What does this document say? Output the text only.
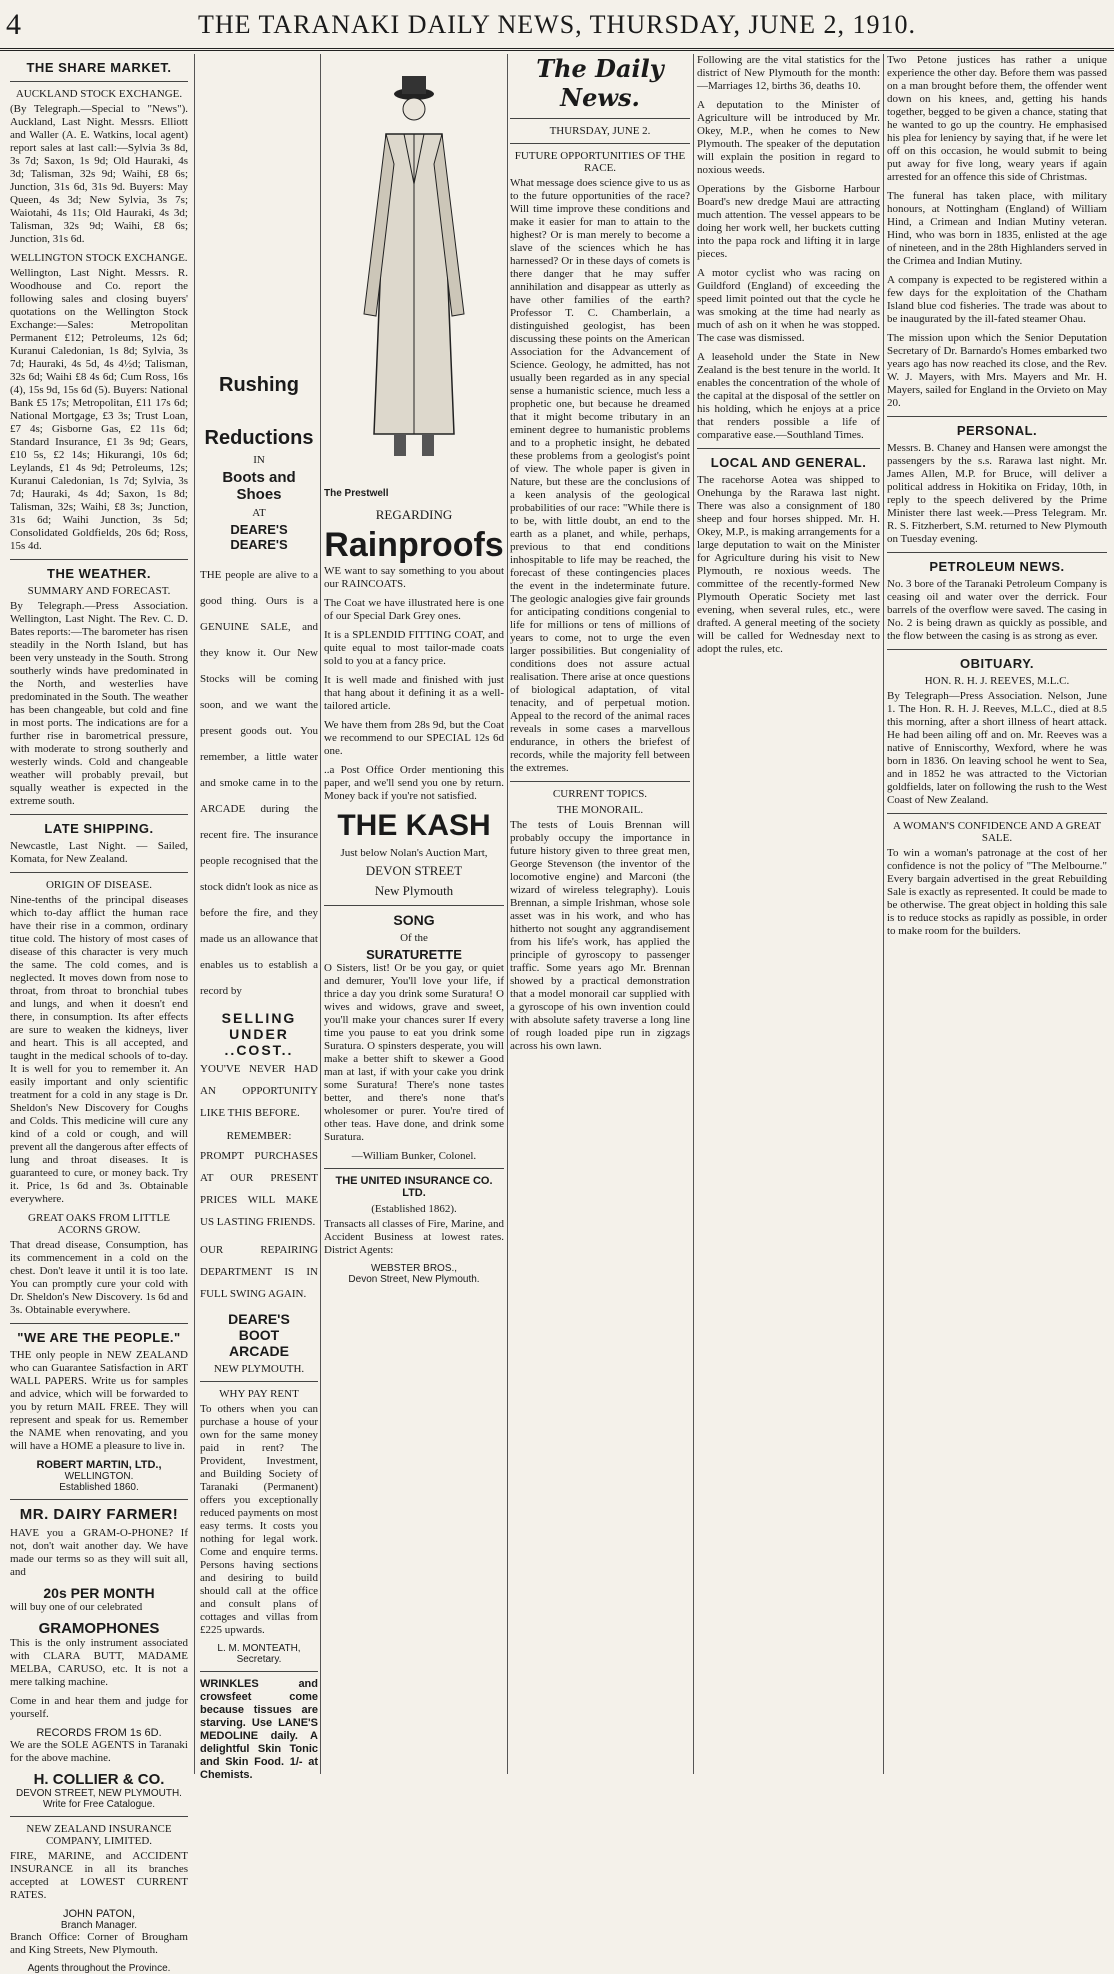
4	THE TARANAKI DAILY NEWS, THURSDAY, JUNE 2, 1910.
THE SHARE MARKET.
AUCKLAND STOCK EXCHANGE.

(By Telegraph.—Special to "News"). Auckland, Last Night. Messrs. Elliott and Waller (A. E. Watkins, local agent) report sales at last call:—Sylvia 3s 8d, 3s 7d; Saxon, 1s 9d; Old Hauraki, 4s 3d; Talisman, 32s 9d; Waihi, £8 6s; Junction, 31s 6d, 31s 9d. Buyers: May Queen, 4s 3d; New Sylvia, 3s 7s; Waiotahi, 4s 11s; Old Hauraki, 4s 3d; Talisman, 32s 9d; Waihi, £8 6s; Junction, 31s 6d.

WELLINGTON STOCK EXCHANGE.

Wellington, Last Night. Messrs. R. Woodhouse and Co. report the following sales and closing buyers' quotations on the Wellington Stock Exchange:—Sales: Metropolitan Permanent £12; Petroleums, 12s 6d; Kuranui Caledonian, 1s 8d; Sylvia, 3s 7d; Hauraki, 4s 5d, 4s 4½d; Talisman, 32s 6d; Waihi £8 4s 6d; Cum Ross, 16s (4), 15s 9d, 15s 6d (5). Buyers: National Bank £5 17s; Metropolitan, £11 17s 6d; National Mortgage, £3 3s; Trust Loan, £7 4s; Gisborne Gas, £2 11s 6d; Standard Insurance, £1 3s 9d; Gears, £10 5s, £2 14s; Hikurangi, 10s 6d; Leylands, £1 4s 9d; Petroleums, 12s; Kuranui Caledonian, 1s 7d; Sylvia, 3s 7d; Hauraki, 4s 4d; Saxon, 1s 8d; Talisman, 32s; Waihi, £8 3s; Junction, 31s 6d; Waihi Junction, 3s 5d; Consolidated Goldfields, 20s 6d; Ross, 15s 4d.

THE WEATHER.
SUMMARY AND FORECAST.

By Telegraph.—Press Association. Wellington, Last Night. The Rev. C. D. Bates reports:—The barometer has risen steadily in the North Island, but has been very unsteady in the South. Strong southerly winds have predominated in the North, and westerlies have predominated in the South. The weather has been changeable, but cold and fine in most ports. The indications are for a further rise in barometrical pressure, with moderate to strong southerly and westerly winds. Cold and changeable weather will probably prevail, but squally weather is expected in the extreme south.

LATE SHIPPING.

Newcastle, Last Night. — Sailed, Komata, for New Zealand.

ORIGIN OF DISEASE.

Nine-tenths of the principal diseases which to-day afflict the human race have their rise in a common, ordinary titue cold. The history of most cases of disease of this character is very much the same. The cold comes, and is neglected. It moves down from nose to throat, from throat to bronchial tubes and lungs, and when it doesn't end there, in consumption. Its after effects are sure to weaken the kidneys, liver and heart. This is all accepted, and taught in the medical schools of to-day. It is well for you to remember it. An easily important and only scientific treatment for a cold in any stage is Dr. Sheldon's New Discovery for Coughs and Colds. This medicine will cure any kind of a cold or cough, and will prevent all the dangerous after effects of lung and throat diseases. It is guaranteed to cure, or money back. Try it. Price, 1s 6d and 3s. Obtainable everywhere.

GREAT OAKS FROM LITTLE ACORNS GROW.

That dread disease, Consumption, has its commencement in a cold on the chest. Don't leave it until it is too late. You can promptly cure your cold with Dr. Sheldon's New Discovery. 1s 6d and 3s. Obtainable everywhere.

"WE ARE THE PEOPLE."

THE only people in NEW ZEALAND who can Guarantee Satisfaction in ART WALL PAPERS. Write us for samples and advice, which will be forwarded to you by return MAIL FREE. They will represent and speak for us. Remember the NAME when renovating, and you will have a HOME a pleasure to live in.

ROBERT MARTIN, LTD.,
WELLINGTON.
Established 1860.
MR. DAIRY FARMER!

HAVE you a GRAM-O-PHONE? If not, don't wait another day. We have made our terms so as they will suit all, and

20s PER MONTH

will buy one of our celebrated

GRAMOPHONES

This is the only instrument associated with CLARA BUTT, MADAME MELBA, CARUSO, etc. It is not a mere talking machine.

Come in and hear them and judge for yourself.

RECORDS FROM 1s 6D.

We are the SOLE AGENTS in Taranaki for the above machine.

H. COLLIER & CO.
DEVON STREET, NEW PLYMOUTH.
Write for Free Catalogue.
NEW ZEALAND INSURANCE COMPANY, LIMITED.

FIRE, MARINE, and ACCIDENT INSURANCE in all its branches accepted at LOWEST CURRENT RATES.

JOHN PATON,
Branch Manager.

Branch Office: Corner of Brougham and King Streets, New Plymouth.

Agents throughout the Province.
Rushing
Reductions
IN
Boots and
Shoes
AT
DEARE'S DEARE'S

THE people are alive to a good thing. Ours is a GENUINE SALE, and they know it. Our New Stocks will be coming soon, and we want the present goods out. You remember, a little water and smoke came in to the ARCADE during the recent fire. The insurance people recognised that the stock didn't look as nice as before the fire, and they made us an allowance that enables us to establish a record by

SELLING
UNDER
..COST..

YOU'VE NEVER HAD AN OPPORTUNITY LIKE THIS BEFORE.

REMEMBER:

PROMPT PURCHASES AT OUR PRESENT PRICES WILL MAKE US LASTING FRIENDS.

OUR REPAIRING DEPARTMENT IS IN FULL SWING AGAIN.

DEARE'S
BOOT
ARCADE
NEW PLYMOUTH.
WHY PAY RENT

To others when you can purchase a house of your own for the same money paid in rent? The Provident, Investment, and Building Society of Taranaki (Permanent) offers you exceptionally reduced payments on most easy terms. It costs you nothing for legal work. Come and enquire terms. Persons having sections and desiring to build should call at the office and consult plans of cottages and villas from £225 upwards.

L. M. MONTEATH,
Secretary.

WRINKLES and crowsfeet come because tissues are starving. Use LANE'S MEDOLINE daily. A delightful Skin Tonic and Skin Food. 1/- at Chemists.

The Prestwell
REGARDING
Rainproofs

WE want to say something to you about our RAINCOATS.

The Coat we have illustrated here is one of our Special Dark Grey ones.

It is a SPLENDID FITTING COAT, and quite equal to most tailor-made coats sold to you at a fancy price.

It is well made and finished with just that hang about it defining it as a well-tailored article.

We have them from 28s 9d, but the Coat we recommend to our SPECIAL 12s 6d one.

..a Post Office Order mentioning this paper, and we'll send you one by return. Money back if you're not satisfied.

THE KASH
Just below Nolan's Auction Mart,
DEVON STREET
New Plymouth
SONG
Of the
SURATURETTE

O Sisters, list! Or be you gay, or quiet and demurer, You'll love your life, if thrice a day you drink some Suratura! O wives and widows, grave and sweet, you'll make your chances surer If every time you pause to eat you drink some Suratura. O spinsters desperate, you will make a better shift to skewer a Good man at last, if with your cake you drink some Suratura! There's none tastes better, and there's none that's wholesomer or purer. You're tired of other teas. Have done, and drink some Suratura.

—William Bunker, Colonel.
THE UNITED INSURANCE CO. LTD.
(Established 1862).

Transacts all classes of Fire, Marine, and Accident Business at lowest rates. District Agents:

WEBSTER BROS.,
Devon Street, New Plymouth.
The Daily News.
THURSDAY, JUNE 2.
FUTURE OPPORTUNITIES OF THE RACE.

What message does science give to us as to the future opportunities of the race? Will time improve these conditions and make it easier for man to attain to the highest? Or is man merely to become a slave of the sciences which he has harnessed? Or in these days of comets is there danger that he may suffer annihilation and disappear as utterly as have other families of the earth? Professor T. C. Chamberlain, a distinguished geologist, has been discussing these points on the American Association for the Advancement of Science. Geology, he admitted, has not usually been regarded as in any special sense a humanistic science, much less a prophetic one, but because he dreamed that it might become tributary in an eminent degree to humanistic problems and to a prophetic insight, he debated these problems from a geologist's point of view. The whole paper is given in Nature, but these are the conclusions of a keen analysis of the geological probabilities of our race: "While there is to be, with little doubt, an end to the earth as a planet, and while, perhaps, previous to that end conditions inhospitable to life may be reached, the forecast of these contingencies places the event in the indeterminate future. The geologic analogies give fair grounds for anticipating conditions congenial to life for millions or tens of millions of years to come, not to urge the even larger possibilities. But congeniality of conditions does not assure actual realisation. There arise at once questions of biological adaptation, of vital tenacity, and of perpetual motion. Appeal to the record of the animal races reveals in some cases a marvellous endurance, in others the briefest of records, while the majority fell between the extremes.

CURRENT TOPICS.
THE MONORAIL.

The tests of Louis Brennan will probably occupy the importance in future history given to three great men, George Stevenson (the inventor of the locomotive engine) and Marconi (the wizard of wireless telegraphy). Louis Brennan, a simple Irishman, whose sole asset was in his work, and who has hitherto not sought any aggrandisement from his life's work, has applied the principle of gyroscopy to passenger traffic. Some years ago Mr. Brennan showed by a practical demonstration that a model monorail car supplied with a gyroscope of his own invention could with absolute safety traverse a long line of rough loaded pipe run in zigzags across his own lawn.

Following are the vital statistics for the district of New Plymouth for the month:—Marriages 12, births 36, deaths 10.

A deputation to the Minister of Agriculture will be introduced by Mr. Okey, M.P., when he comes to New Plymouth. The speaker of the deputation will explain the position in regard to noxious weeds.

Operations by the Gisborne Harbour Board's new dredge Maui are attracting much attention. The vessel appears to be doing her work well, her buckets cutting into the papa rock and lifting it in large pieces.

A motor cyclist who was racing on Guildford (England) of exceeding the speed limit pointed out that the cycle he was smoking at the time had nearly as much of ash on it when he was stopped. The case was dismissed.

A leasehold under the State in New Zealand is the best tenure in the world. It enables the concentration of the whole of the capital at the disposal of the settler on his holding, which he enjoys at a price that renders possible a life of comparative ease.—Southland Times.

LOCAL AND GENERAL.

The racehorse Aotea was shipped to Onehunga by the Rarawa last night. There was also a consignment of 180 sheep and four horses shipped. Mr. H. Okey, M.P., is making arrangements for a large deputation to wait on the Minister for Agriculture during his visit to New Plymouth, re noxious weeds. The committee of the recently-formed New Plymouth Operatic Society met last evening, when several rules, etc., were drafted. A general meeting of the society will be called for Wednesday next to adopt the rules, etc.

Two Petone justices has rather a unique experience the other day. Before them was passed on a man brought before them, the offender went down on his knees, and, getting his hands together, begged to be given a chance, stating that he wanted to go up the country. He emphasised his plea for leniency by saying that, if he were let off on this occasion, he would submit to being put away for five long, weary years if again arrested for an offence this side of Christmas.

The funeral has taken place, with military honours, at Nottingham (England) of William Hind, a Crimean and Indian Mutiny veteran. Hind, who was born in 1835, enlisted at the age of nineteen, and in the 28th Highlanders served in the Crimea and Indian Mutiny.

A company is expected to be registered within a few days for the exploitation of the Chatham Island blue cod fisheries. The trade was about to be inaugurated by the ill-fated steamer Ohau.

The mission upon which the Senior Deputation Secretary of Dr. Barnardo's Homes embarked two years ago has now reached its close, and the Rev. W. J. Mayers, with Mrs. Mayers and Mr. H. Mayers, sailed for England in the Orvieto on May 20.

PERSONAL.

Messrs. B. Chaney and Hansen were amongst the passengers by the s.s. Rarawa last night. Mr. James Allen, M.P. for Bruce, will deliver a political address in Hokitika on Friday, 10th, in reply to the speech delivered by the Prime Minister there last week.—Press Telegram. Mr. R. S. Fitzherbert, S.M. returned to New Plymouth on Tuesday evening.

PETROLEUM NEWS.

No. 3 bore of the Taranaki Petroleum Company is ceasing oil and water over the derrick. Four barrels of the overflow were saved. The casing in No. 2 is being drawn as quickly as possible, and the flow between the casing is as strong as ever.

OBITUARY.
HON. R. H. J. REEVES, M.L.C.

By Telegraph—Press Association. Nelson, June 1. The Hon. R. H. J. Reeves, M.L.C., died at 8.5 this morning, after a short illness of heart attack. He had been ailing off and on. Mr. Reeves was a native of Enniscorthy, Wexford, where he was born in 1836. On leaving school he went to Sea, and in 1852 he was attracted to the Victorian goldfields, later on following the rush to the West Coast of New Zealand.

A WOMAN'S CONFIDENCE AND A GREAT SALE.

To win a woman's patronage at the cost of her confidence is not the policy of "The Melbourne." Every bargain advertised in the great Rebuilding Sale is exactly as represented. It could be made to be otherwise. The great object in holding this sale is to reduce stocks as rapidly as possible, in order to make room for the builders.
